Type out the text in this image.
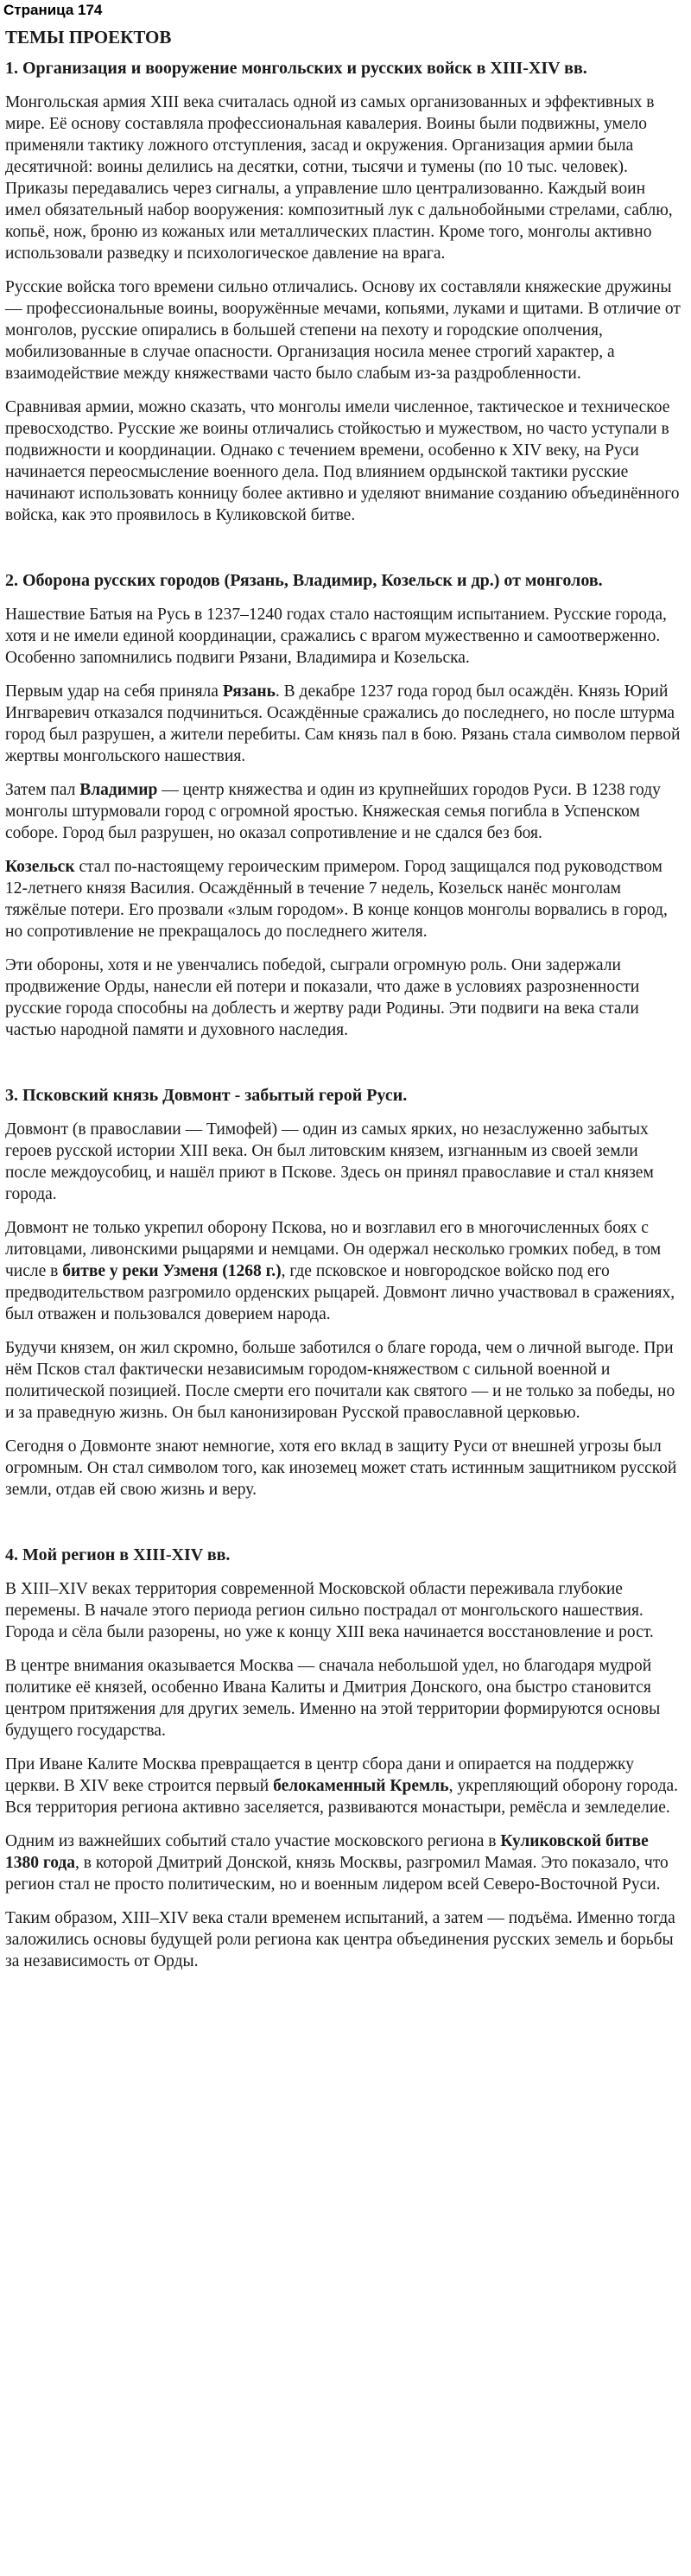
Страница 174
ТЕМЫ ПРОЕКТОВ
1. Организация и вооружение монгольских и русских войск в XIII-XIV вв.

Монгольская армия XIII века считалась одной из самых организованных и эффективных в мире. Её основу составляла профессиональная кавалерия. Воины были подвижны, умело применяли тактику ложного отступления, засад и окружения. Организация армии была десятичной: воины делились на десятки, сотни, тысячи и тумены (по 10 тыс. человек). Приказы передавались через сигналы, а управление шло централизованно. Каждый воин имел обязательный набор вооружения: композитный лук с дальнобойными стрелами, саблю, копьё, нож, броню из кожаных или металлических пластин. Кроме того, монголы активно использовали разведку и психологическое давление на врага.

Русские войска того времени сильно отличались. Основу их составляли княжеские дружины — профессиональные воины, вооружённые мечами, копьями, луками и щитами. В отличие от монголов, русские опирались в большей степени на пехоту и городские ополчения, мобилизованные в случае опасности. Организация носила менее строгий характер, а взаимодействие между княжествами часто было слабым из-за раздробленности.

Сравнивая армии, можно сказать, что монголы имели численное, тактическое и техническое превосходство. Русские же воины отличались стойкостью и мужеством, но часто уступали в подвижности и координации. Однако с течением времени, особенно к XIV веку, на Руси начинается переосмысление военного дела. Под влиянием ордынской тактики русские начинают использовать конницу более активно и уделяют внимание созданию объединённого войска, как это проявилось в Куликовской битве.

2. Оборона русских городов (Рязань, Владимир, Козельск и др.) от монголов.

Нашествие Батыя на Русь в 1237–1240 годах стало настоящим испытанием. Русские города, хотя и не имели единой координации, сражались с врагом мужественно и самоотверженно. Особенно запомнились подвиги Рязани, Владимира и Козельска.

Первым удар на себя приняла Рязань. В декабре 1237 года город был осаждён. Князь Юрий Ингваревич отказался подчиниться. Осаждённые сражались до последнего, но после штурма город был разрушен, а жители перебиты. Сам князь пал в бою. Рязань стала символом первой жертвы монгольского нашествия.

Затем пал Владимир — центр княжества и один из крупнейших городов Руси. В 1238 году монголы штурмовали город с огромной яростью. Княжеская семья погибла в Успенском соборе. Город был разрушен, но оказал сопротивление и не сдался без боя.

Козельск стал по-настоящему героическим примером. Город защищался под руководством 12-летнего князя Василия. Осаждённый в течение 7 недель, Козельск нанёс монголам тяжёлые потери. Его прозвали «злым городом». В конце концов монголы ворвались в город, но сопротивление не прекращалось до последнего жителя.

Эти обороны, хотя и не увенчались победой, сыграли огромную роль. Они задержали продвижение Орды, нанесли ей потери и показали, что даже в условиях разрозненности русские города способны на доблесть и жертву ради Родины. Эти подвиги на века стали частью народной памяти и духовного наследия.

3. Псковский князь Довмонт - забытый герой Руси.

Довмонт (в православии — Тимофей) — один из самых ярких, но незаслуженно забытых героев русской истории XIII века. Он был литовским князем, изгнанным из своей земли после междоусобиц, и нашёл приют в Пскове. Здесь он принял православие и стал князем города.

Довмонт не только укрепил оборону Пскова, но и возглавил его в многочисленных боях с литовцами, ливонскими рыцарями и немцами. Он одержал несколько громких побед, в том числе в битве у реки Узменя (1268 г.), где псковское и новгородское войско под его предводительством разгромило орденских рыцарей. Довмонт лично участвовал в сражениях, был отважен и пользовался доверием народа.

Будучи князем, он жил скромно, больше заботился о благе города, чем о личной выгоде. При нём Псков стал фактически независимым городом-княжеством с сильной военной и политической позицией. После смерти его почитали как святого — и не только за победы, но и за праведную жизнь. Он был канонизирован Русской православной церковью.

Сегодня о Довмонте знают немногие, хотя его вклад в защиту Руси от внешней угрозы был огромным. Он стал символом того, как иноземец может стать истинным защитником русской земли, отдав ей свою жизнь и веру.

4. Мой регион в XIII-XIV вв.

В XIII–XIV веках территория современной Московской области переживала глубокие перемены. В начале этого периода регион сильно пострадал от монгольского нашествия. Города и сёла были разорены, но уже к концу XIII века начинается восстановление и рост.

В центре внимания оказывается Москва — сначала небольшой удел, но благодаря мудрой политике её князей, особенно Ивана Калиты и Дмитрия Донского, она быстро становится центром притяжения для других земель. Именно на этой территории формируются основы будущего государства.

При Иване Калите Москва превращается в центр сбора дани и опирается на поддержку церкви. В XIV веке строится первый белокаменный Кремль, укрепляющий оборону города. Вся территория региона активно заселяется, развиваются монастыри, ремёсла и земледелие.

Одним из важнейших событий стало участие московского региона в Куликовской битве 1380 года, в которой Дмитрий Донской, князь Москвы, разгромил Мамая. Это показало, что регион стал не просто политическим, но и военным лидером всей Северо-Восточной Руси.

Таким образом, XIII–XIV века стали временем испытаний, а затем — подъёма. Именно тогда заложились основы будущей роли региона как центра объединения русских земель и борьбы за независимость от Орды.
